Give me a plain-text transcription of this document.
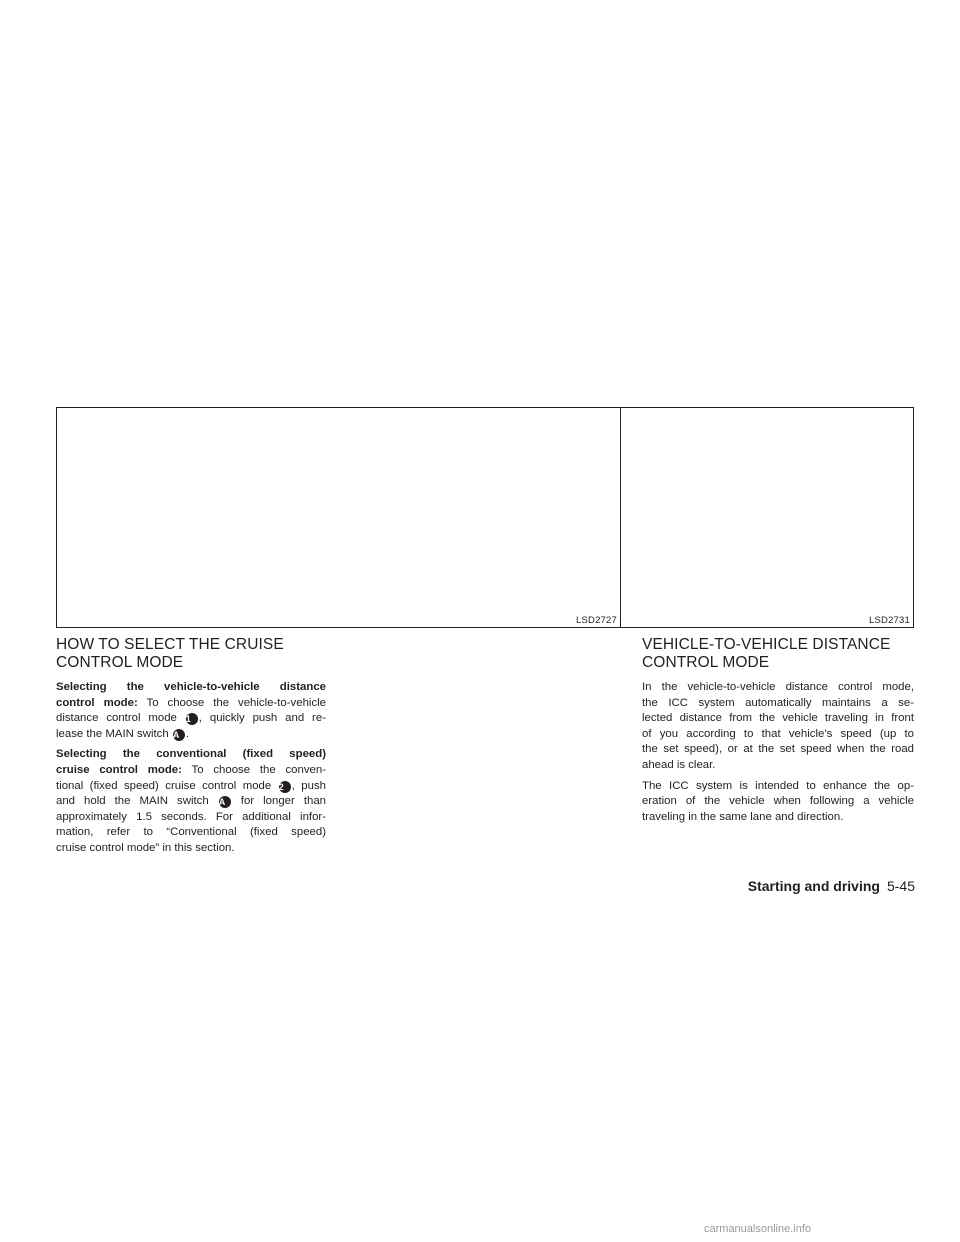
LSD2727	LSD2731
HOW TO SELECT THE CRUISE
CONTROL MODE
Selecting the vehicle-to-vehicle distance
control mode: To choose the vehicle-to-vehicle
distance control mode 1 , quickly push and re-
lease the MAIN switch A .
Selecting the conventional (fixed speed)
cruise control mode: To choose the conven-
tional (fixed speed) cruise control mode 2 , push
and hold the MAIN switch A for longer than
approximately 1.5 seconds. For additional infor-
mation, refer to “Conventional (fixed speed)
cruise control mode” in this section.
VEHICLE-TO-VEHICLE DISTANCE
CONTROL MODE
In the vehicle-to-vehicle distance control mode,
the ICC system automatically maintains a se-
lected distance from the vehicle traveling in front
of you according to that vehicle’s speed (up to
the set speed), or at the set speed when the road
ahead is clear.
The ICC system is intended to enhance the op-
eration of the vehicle when following a vehicle
traveling in the same lane and direction.
Starting and driving 5-45
carmanualsonline.info
